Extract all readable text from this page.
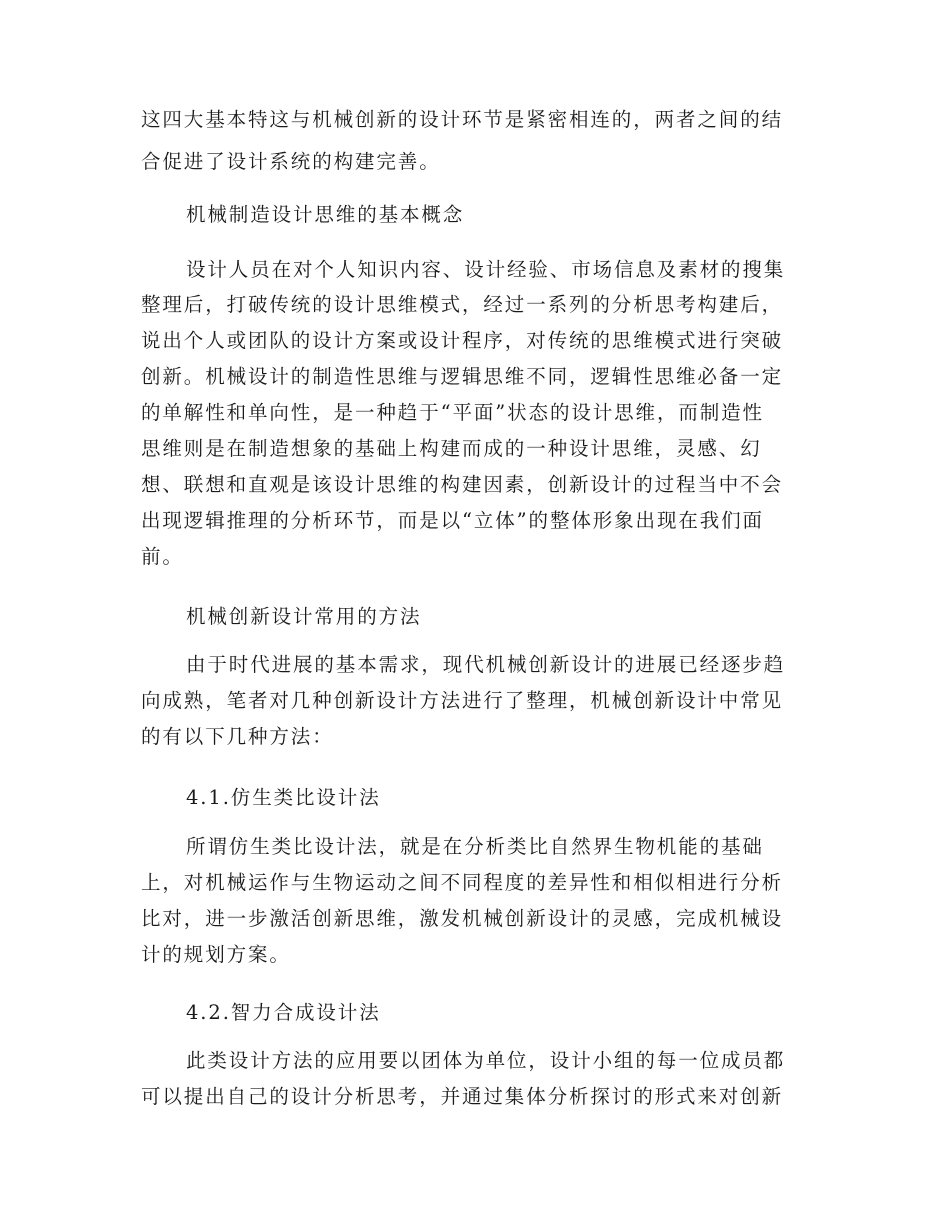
这四大基本特这与机械创新的设计环节是紧密相连的，两者之间的结
合促进了设计系统的构建完善。
机械制造设计思维的基本概念
设计人员在对个人知识内容、设计经验、市场信息及素材的搜集
整理后，打破传统的设计思维模式，经过一系列的分析思考构建后，
说出个人或团队的设计方案或设计程序，对传统的思维模式进行突破
创新。机械设计的制造性思维与逻辑思维不同，逻辑性思维必备一定
的单解性和单向性，是一种趋于“平面”状态的设计思维，而制造性
思维则是在制造想象的基础上构建而成的一种设计思维，灵感、幻
想、联想和直观是该设计思维的构建因素，创新设计的过程当中不会
出现逻辑推理的分析环节，而是以“立体”的整体形象出现在我们面
前。
机械创新设计常用的方法
由于时代进展的基本需求，现代机械创新设计的进展已经逐步趋
向成熟，笔者对几种创新设计方法进行了整理，机械创新设计中常见
的有以下几种方法：
4.1.仿生类比设计法
所谓仿生类比设计法，就是在分析类比自然界生物机能的基础
上，对机械运作与生物运动之间不同程度的差异性和相似相进行分析
比对，进一步激活创新思维，激发机械创新设计的灵感，完成机械设
计的规划方案。
4.2.智力合成设计法
此类设计方法的应用要以团体为单位，设计小组的每一位成员都
可以提出自己的设计分析思考，并通过集体分析探讨的形式来对创新
